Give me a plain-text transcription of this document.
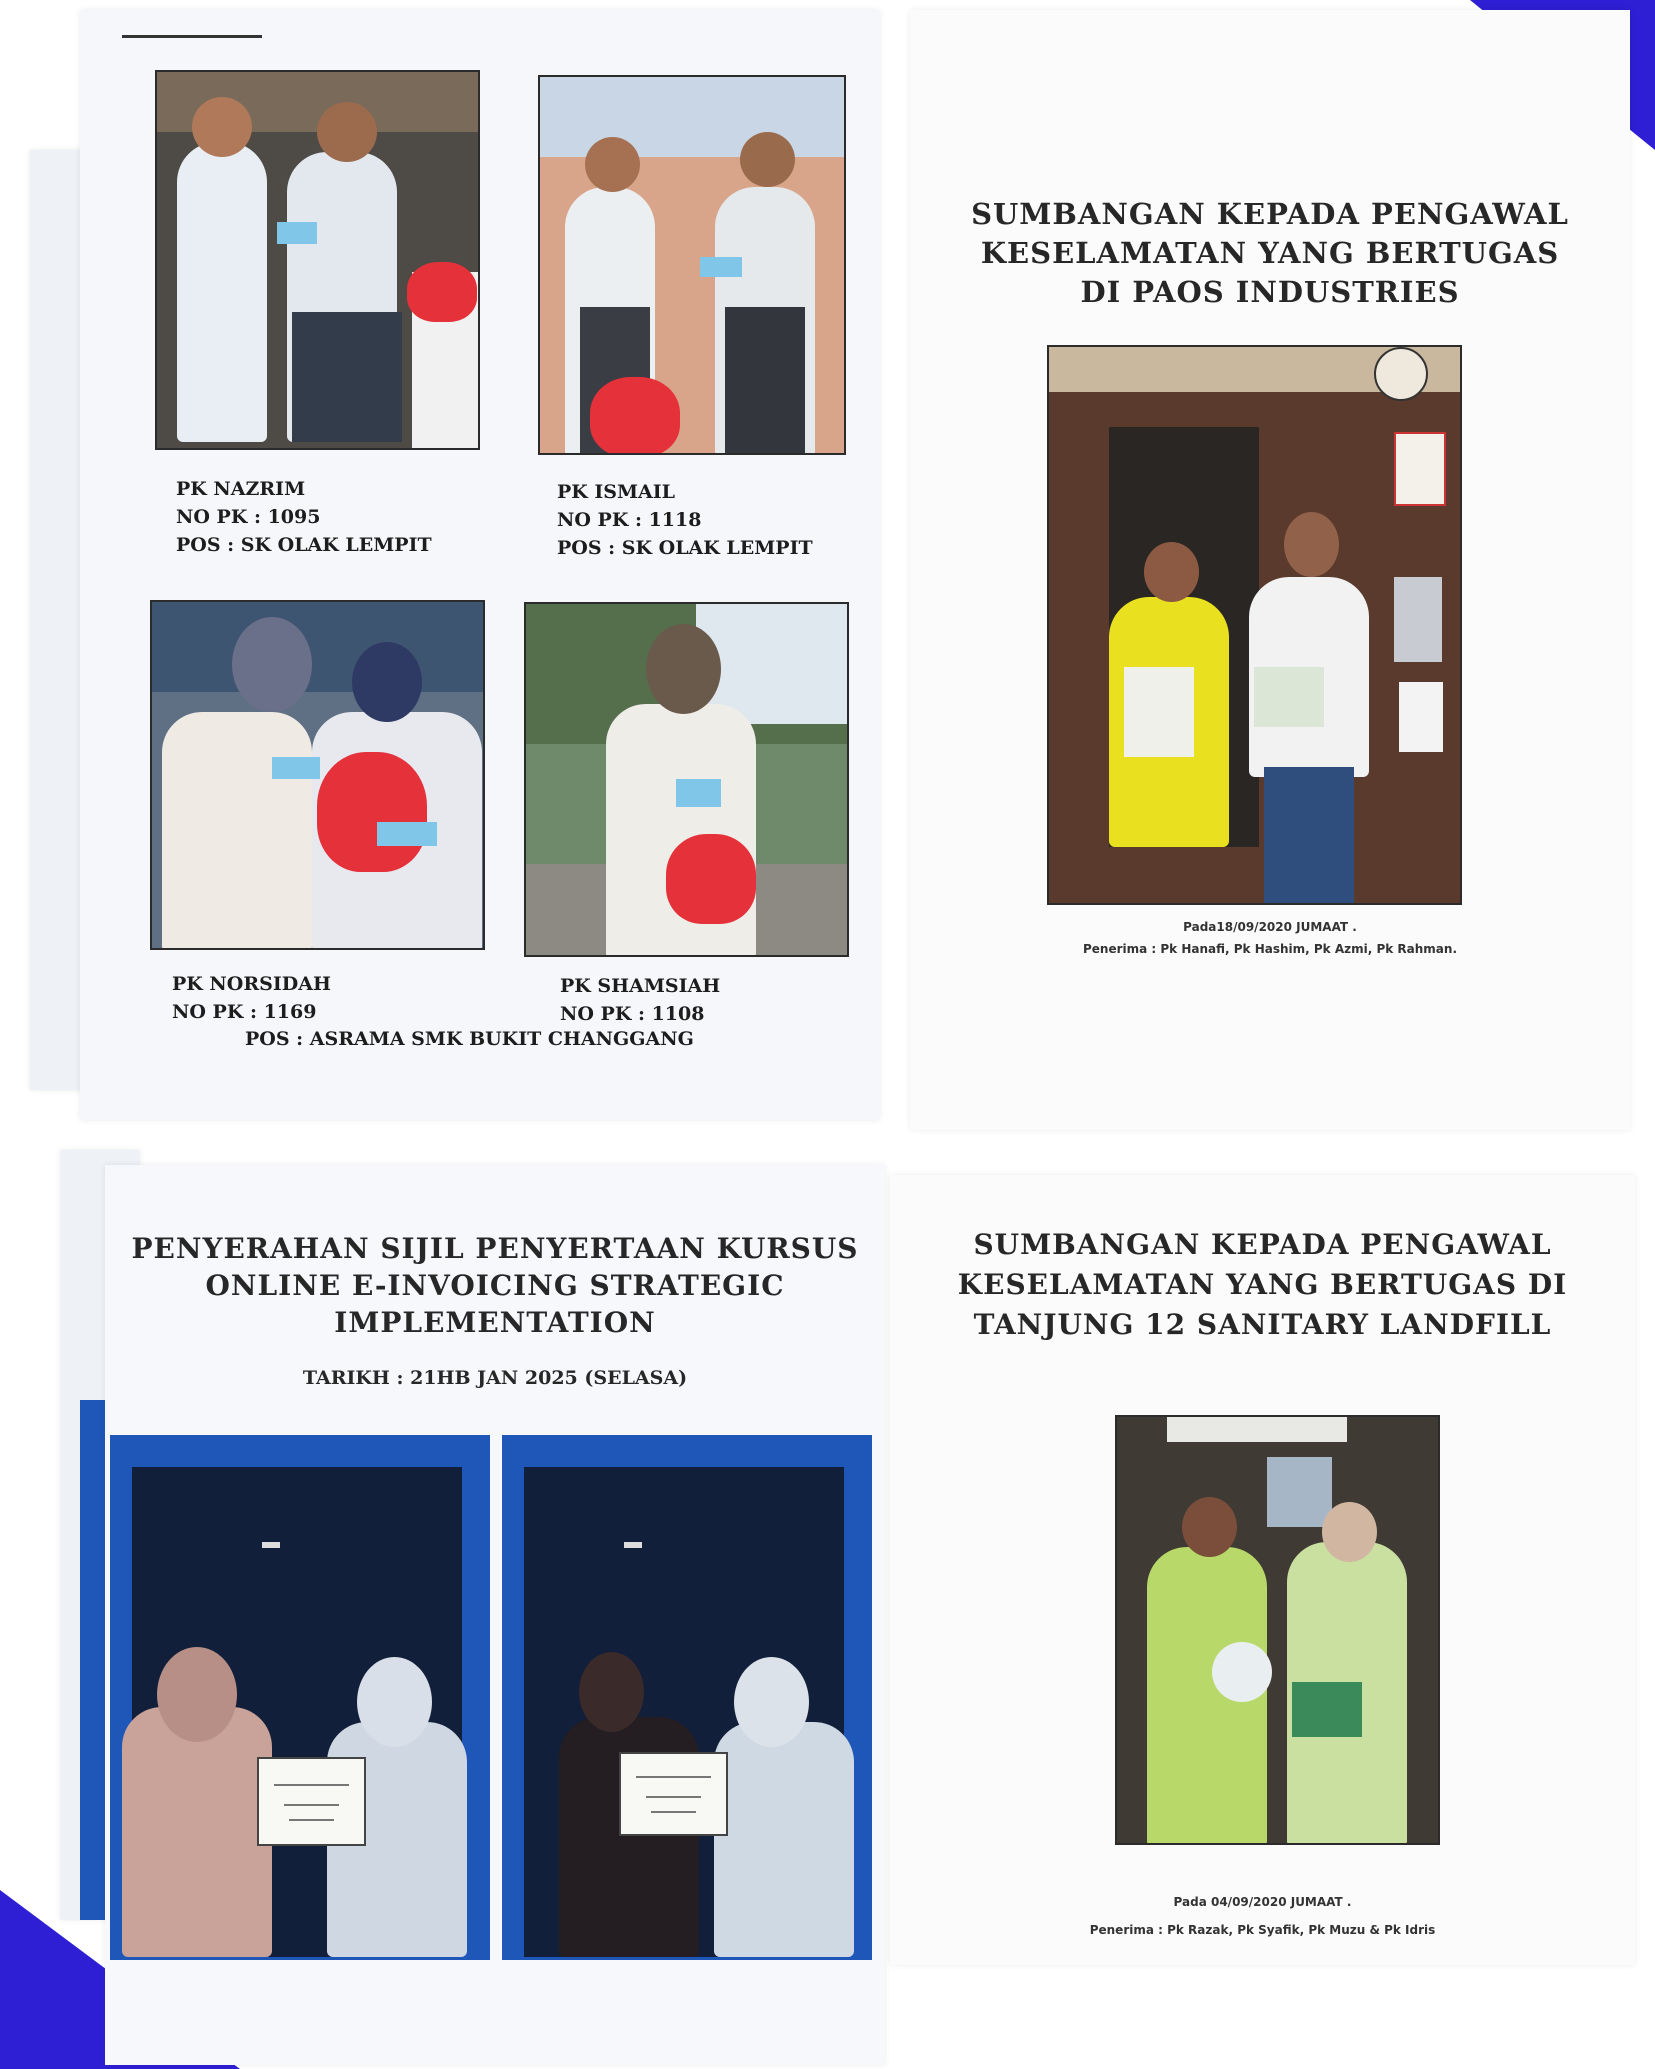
PK NAZRIM
NO PK : 1095
POS : SK OLAK LEMPIT
PK ISMAIL
NO PK : 1118
POS : SK OLAK LEMPIT
PK NORSIDAH
NO PK : 1169
PK SHAMSIAH
NO PK : 1108
POS : ASRAMA SMK BUKIT CHANGGANG
SUMBANGAN KEPADA PENGAWAL
KESELAMATAN YANG BERTUGAS
DI PAOS INDUSTRIES
Pada18/09/2020 JUMAAT .
Penerima : Pk Hanafi, Pk Hashim, Pk Azmi, Pk Rahman.
PENYERAHAN SIJIL PENYERTAAN KURSUS
ONLINE E-INVOICING STRATEGIC
IMPLEMENTATION
TARIKH : 21HB JAN 2025 (SELASA)
SUMBANGAN KEPADA PENGAWAL
KESELAMATAN YANG BERTUGAS DI
TANJUNG 12 SANITARY LANDFILL
Pada 04/09/2020 JUMAAT .
Penerima : Pk Razak, Pk Syafik, Pk Muzu & Pk Idris
